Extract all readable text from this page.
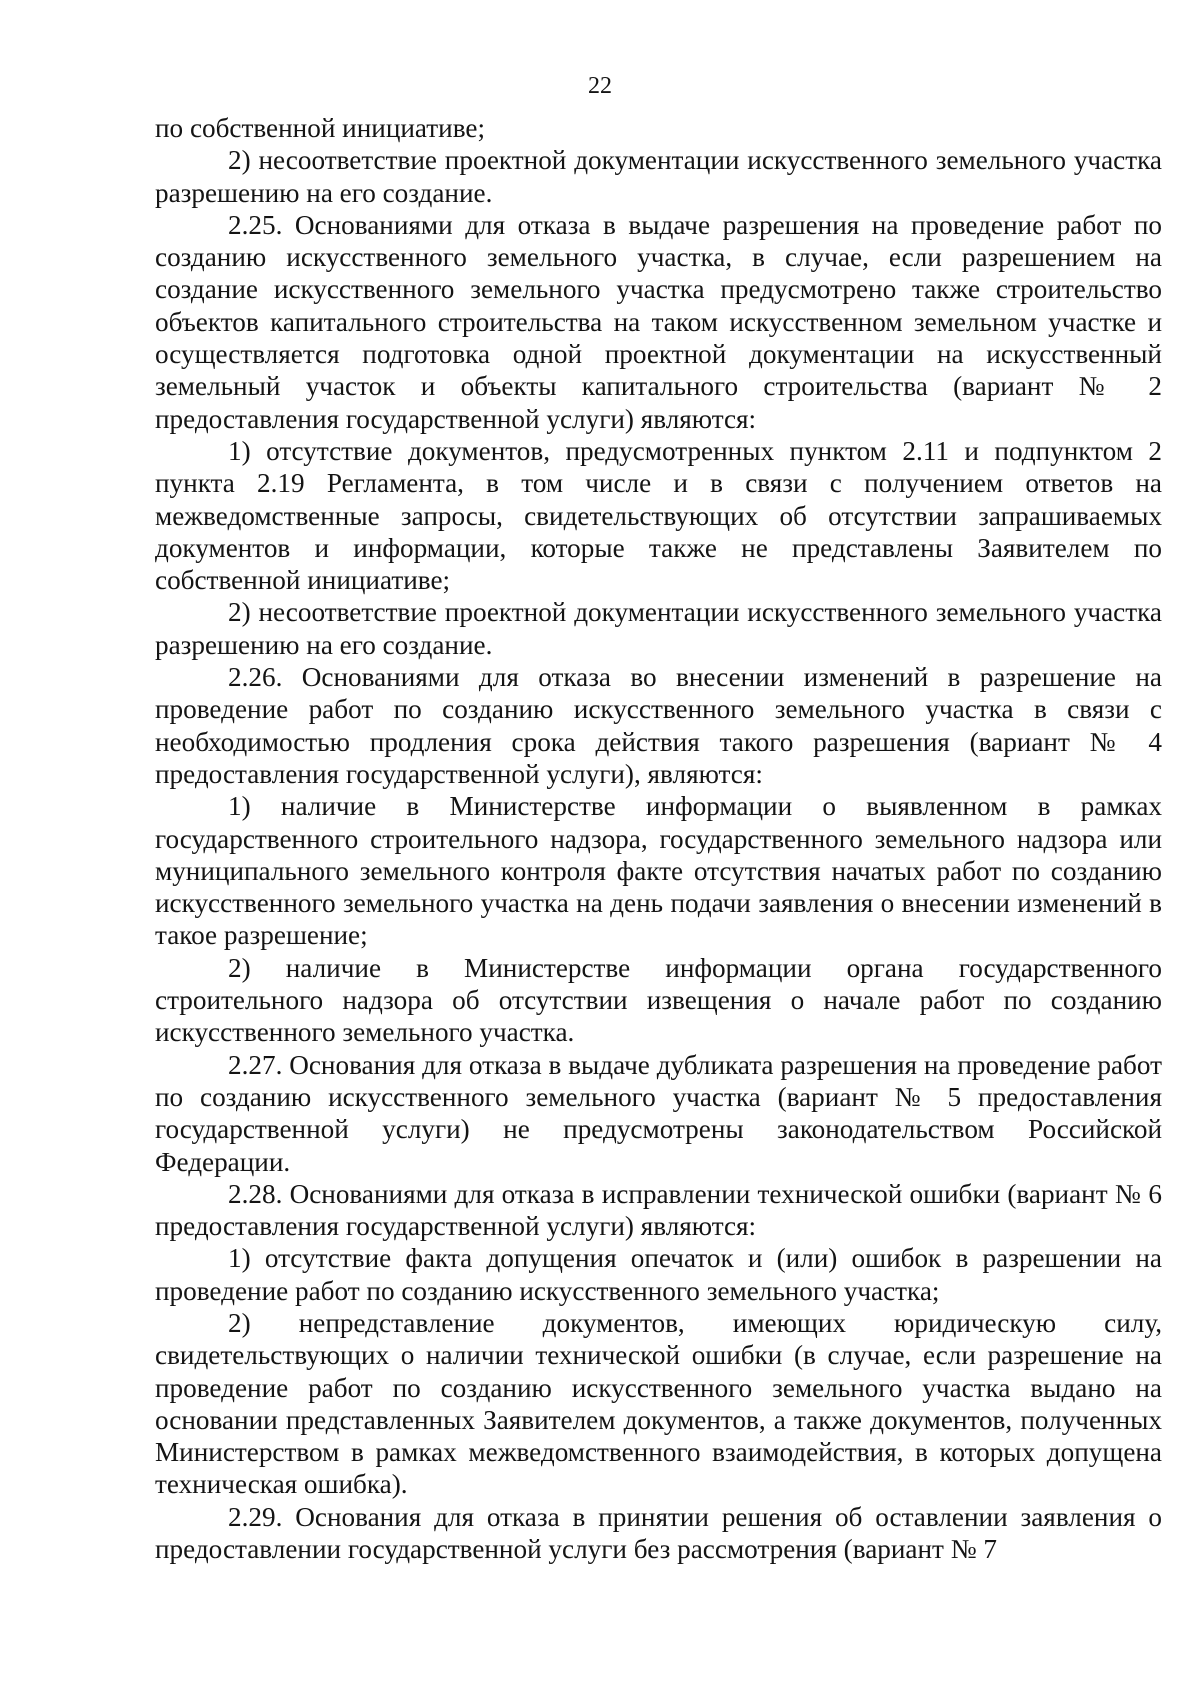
22

по собственной инициативе;

2) несоответствие проектной документации искусственного земельного участка разрешению на его создание.

2.25. Основаниями для отказа в выдаче разрешения на проведение работ по созданию искусственного земельного участка, в случае, если разрешением на создание искусственного земельного участка предусмотрено также строительство объектов капитального строительства на таком искусственном земельном участке и осуществляется подготовка одной проектной документации на искусственный земельный участок и объекты капитального строительства (вариант № 2 предоставления государственной услуги) являются:

1) отсутствие документов, предусмотренных пунктом 2.11 и подпунктом 2 пункта 2.19 Регламента, в том числе и в связи с получением ответов на межведомственные запросы, свидетельствующих об отсутствии запрашиваемых документов и информации, которые также не представлены Заявителем по собственной инициативе;

2) несоответствие проектной документации искусственного земельного участка разрешению на его создание.

2.26. Основаниями для отказа во внесении изменений в разрешение на проведение работ по созданию искусственного земельного участка в связи с необходимостью продления срока действия такого разрешения (вариант № 4 предоставления государственной услуги), являются:

1) наличие в Министерстве информации о выявленном в рамках государственного строительного надзора, государственного земельного надзора или муниципального земельного контроля факте отсутствия начатых работ по созданию искусственного земельного участка на день подачи заявления о внесении изменений в такое разрешение;

2) наличие в Министерстве информации органа государственного строительного надзора об отсутствии извещения о начале работ по созданию искусственного земельного участка.

2.27. Основания для отказа в выдаче дубликата разрешения на проведение работ по созданию искусственного земельного участка (вариант № 5 предоставления государственной услуги) не предусмотрены законодательством Российской Федерации.

2.28. Основаниями для отказа в исправлении технической ошибки (вариант № 6 предоставления государственной услуги) являются:

1) отсутствие факта допущения опечаток и (или) ошибок в разрешении на проведение работ по созданию искусственного земельного участка;

2) непредставление документов, имеющих юридическую силу, свидетельствующих о наличии технической ошибки (в случае, если разрешение на проведение работ по созданию искусственного земельного участка выдано на основании представленных Заявителем документов, а также документов, полученных Министерством в рамках межведомственного взаимодействия, в которых допущена техническая ошибка).

2.29. Основания для отказа в принятии решения об оставлении заявления о предоставлении государственной услуги без рассмотрения (вариант № 7
